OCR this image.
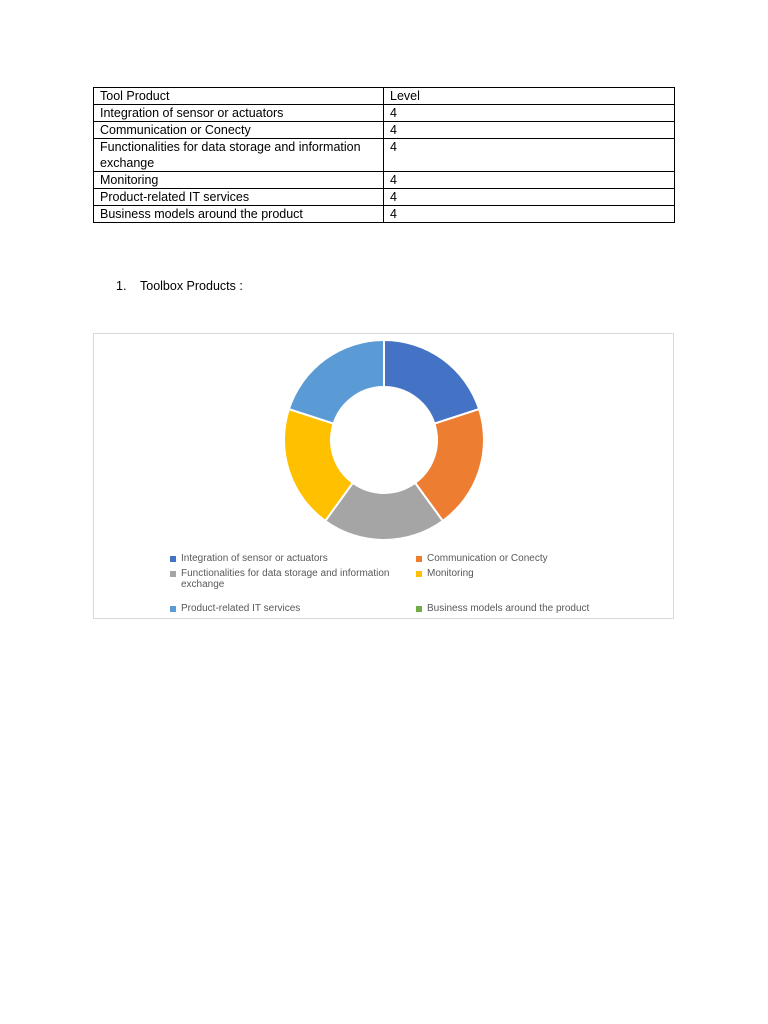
Tool Product	Level
Integration of sensor or actuators	4
Communication or Conecty	4
Functionalities for data storage and information exchange	4
Monitoring	4
Product-related IT services	4
Business models around the product	4
1.	Toolbox Products :
Integration of sensor or actuators	Communication or Conecty
Functionalities for data storage and information exchange
Monitoring
Product-related IT services	Business models around the product
